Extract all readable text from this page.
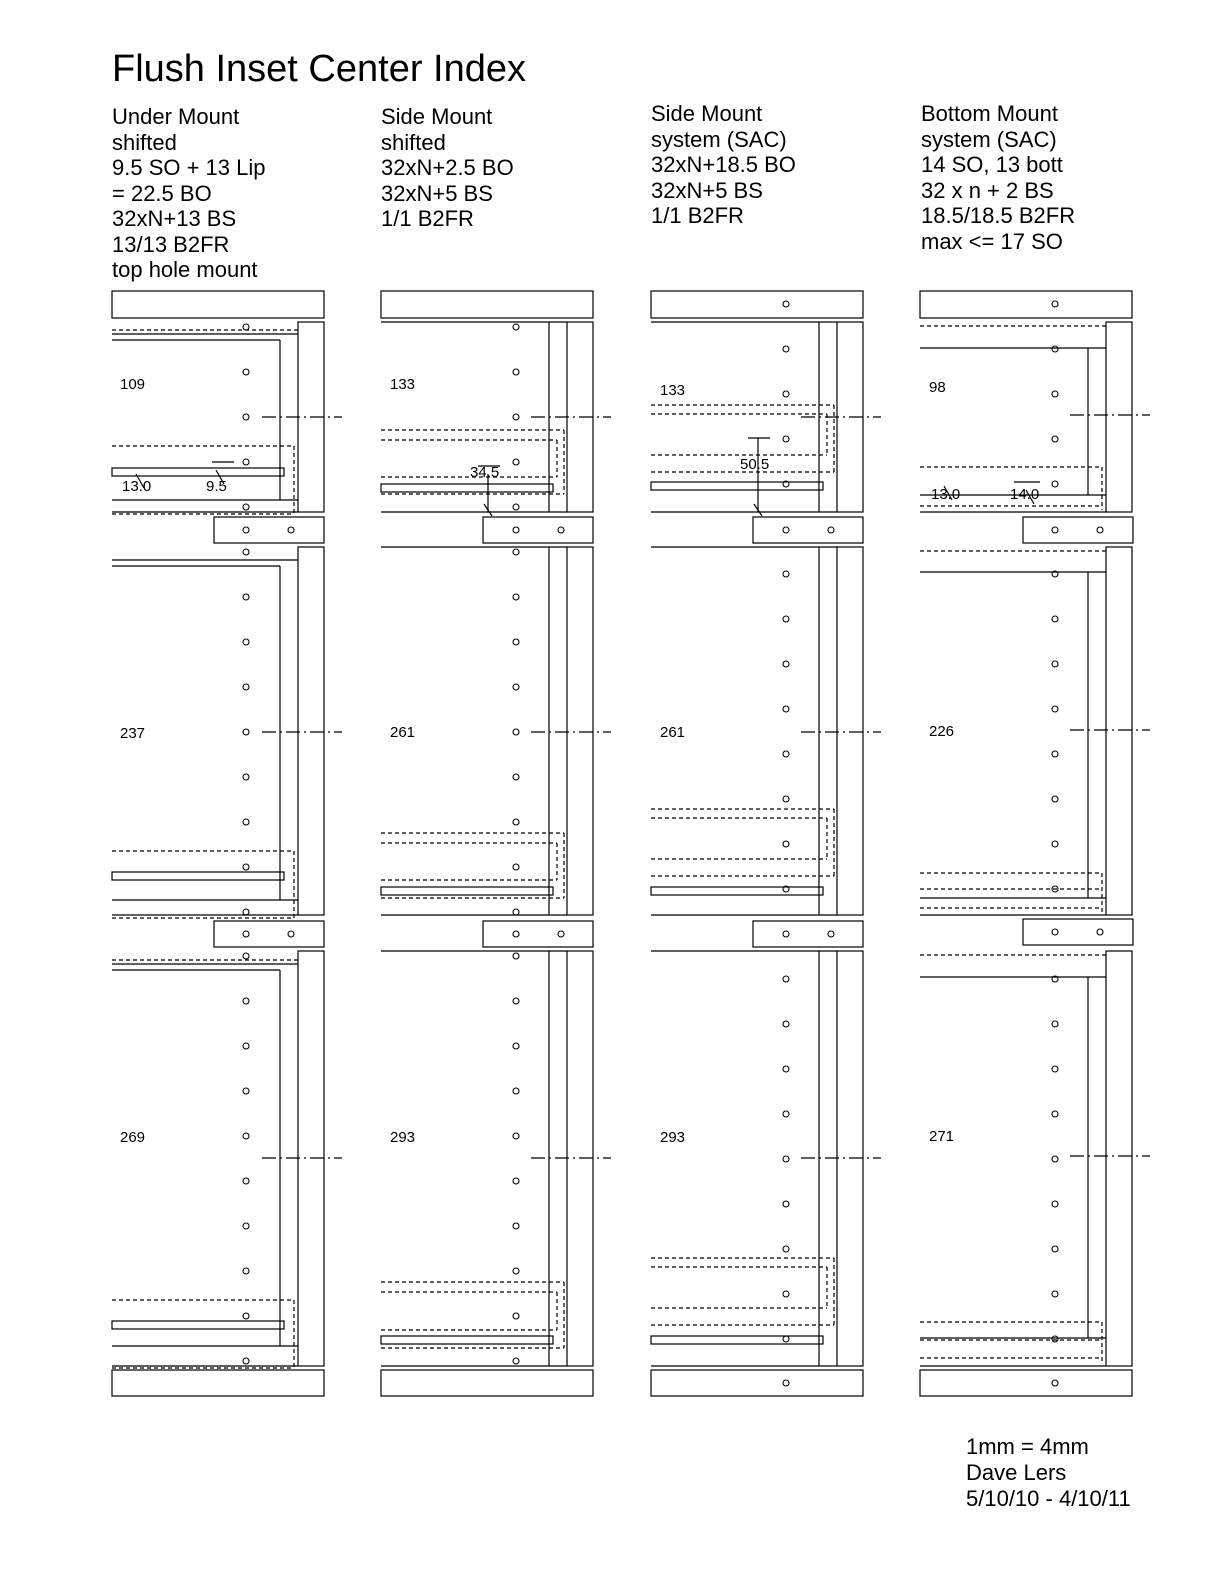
Flush Inset Center Index
Under Mount
shifted
9.5 SO + 13 Lip
= 22.5 BO
32xN+13 BS
13/13 B2FR
top hole mount
Side Mount
shifted
32xN+2.5 BO
32xN+5 BS
1/1 B2FR
Side Mount
system (SAC)
32xN+18.5 BO
32xN+5 BS
1/1 B2FR
Bottom Mount
system (SAC)
14 SO, 13 bott
32 x n + 2 BS
18.5/18.5 B2FR
max <= 17 SO
109
237
269
13.0	9.5
133
261
293
34.5
133
261
293
50.5
98
226
271
13.0	14.0
1mm = 4mm
Dave Lers
5/10/10 - 4/10/11
